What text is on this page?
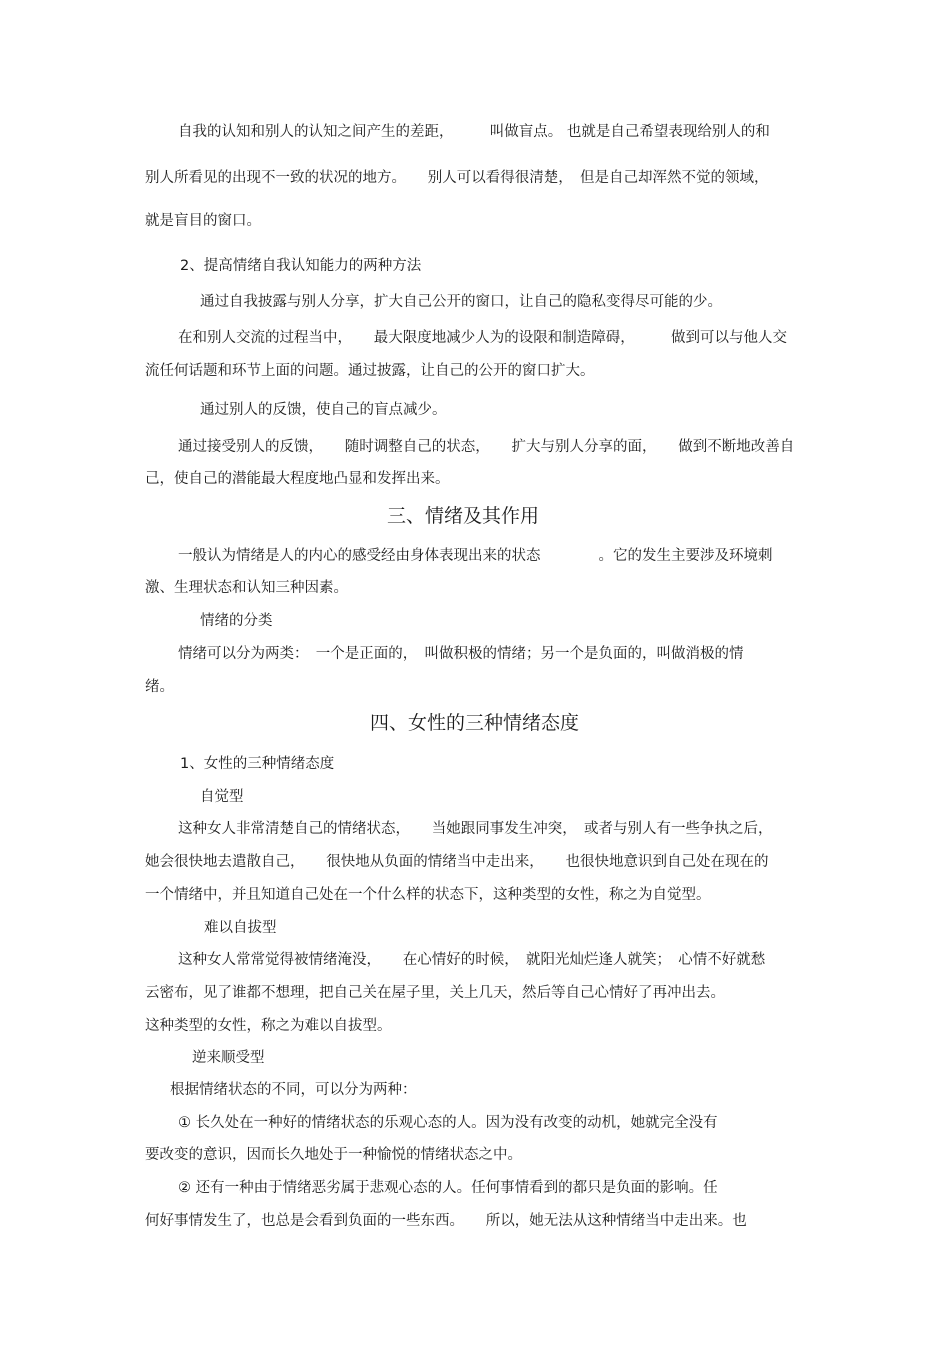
自我的认知和别人的认知之间产生的差距，　　　叫做盲点。 也就是自己希望表现给别人的和
别人所看见的出现不一致的状况的地方。　　别人可以看得很清楚，　但是自己却浑然不觉的领域，
就是盲目的窗口。
2、提高情绪自我认知能力的两种方法
通过自我披露与别人分享，扩大自己公开的窗口，让自己的隐私变得尽可能的少。
在和别人交流的过程当中，　　最大限度地减少人为的设限和制造障碍，　　　做到可以与他人交
流任何话题和环节上面的问题。通过披露，让自己的公开的窗口扩大。
通过别人的反馈，使自己的盲点减少。
通过接受别人的反馈，　　随时调整自己的状态，　　扩大与别人分享的面，　　做到不断地改善自
己，使自己的潜能最大程度地凸显和发挥出来。
三、情绪及其作用
一般认为情绪是人的内心的感受经由身体表现出来的状态　　　　。它的发生主要涉及环境刺
激、生理状态和认知三种因素。
情绪的分类
情绪可以分为两类：　一个是正面的，　叫做积极的情绪；另一个是负面的，叫做消极的情
绪。
四、女性的三种情绪态度
1、女性的三种情绪态度
自觉型
这种女人非常清楚自己的情绪状态，　　当她跟同事发生冲突，　或者与别人有一些争执之后，
她会很快地去遣散自己，　　很快地从负面的情绪当中走出来，　　也很快地意识到自己处在现在的
一个情绪中，并且知道自己处在一个什么样的状态下，这种类型的女性，称之为自觉型。
难以自拔型
这种女人常常觉得被情绪淹没，　　在心情好的时候，　就阳光灿烂逢人就笑；　心情不好就愁
云密布，见了谁都不想理，把自己关在屋子里，关上几天，然后等自己心情好了再冲出去。
这种类型的女性，称之为难以自拔型。
逆来顺受型
根据情绪状态的不同，可以分为两种：
① 长久处在一种好的情绪状态的乐观心态的人。因为没有改变的动机，她就完全没有
要改变的意识，因而长久地处于一种愉悦的情绪状态之中。
② 还有一种由于情绪恶劣属于悲观心态的人。任何事情看到的都只是负面的影响。任
何好事情发生了，也总是会看到负面的一些东西。　　所以，她无法从这种情绪当中走出来。也
